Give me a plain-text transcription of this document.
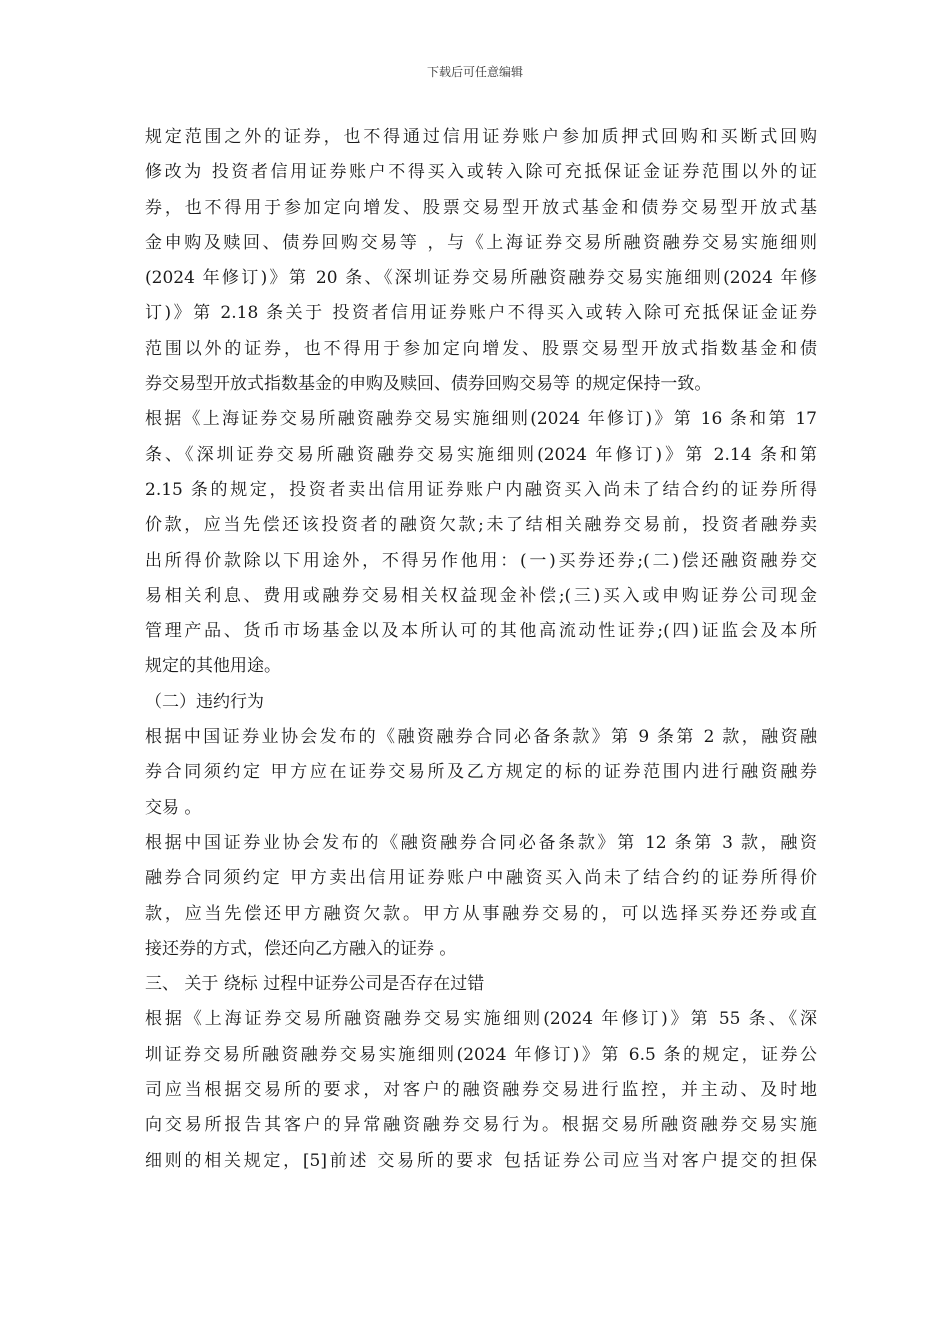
下载后可任意编辑
规定范围之外的证券，也不得通过信用证券账户参加质押式回购和买断式回购
修改为 投资者信用证券账户不得买入或转入除可充抵保证金证券范围以外的证
券，也不得用于参加定向增发、股票交易型开放式基金和债券交易型开放式基
金申购及赎回、债券回购交易等 ，与《上海证券交易所融资融券交易实施细则
(2024 年修订)》第 20 条、《深圳证券交易所融资融券交易实施细则(2024 年修
订)》第 2.18 条关于 投资者信用证券账户不得买入或转入除可充抵保证金证券
范围以外的证券，也不得用于参加定向增发、股票交易型开放式指数基金和债
券交易型开放式指数基金的申购及赎回、债券回购交易等 的规定保持一致。
根据《上海证券交易所融资融券交易实施细则(2024 年修订)》第 16 条和第 17
条、《深圳证券交易所融资融券交易实施细则(2024 年修订)》第 2.14 条和第
2.15 条的规定，投资者卖出信用证券账户内融资买入尚未了结合约的证券所得
价款，应当先偿还该投资者的融资欠款;未了结相关融券交易前，投资者融券卖
出所得价款除以下用途外，不得另作他用：(一)买券还券;(二)偿还融资融券交
易相关利息、费用或融券交易相关权益现金补偿;(三)买入或申购证券公司现金
管理产品、货币市场基金以及本所认可的其他高流动性证券;(四)证监会及本所
规定的其他用途。
（二）违约行为
根据中国证券业协会发布的《融资融券合同必备条款》第 9 条第 2 款，融资融
券合同须约定 甲方应在证券交易所及乙方规定的标的证券范围内进行融资融券
交易 。
根据中国证券业协会发布的《融资融券合同必备条款》第 12 条第 3 款，融资
融券合同须约定 甲方卖出信用证券账户中融资买入尚未了结合约的证券所得价
款，应当先偿还甲方融资欠款。甲方从事融券交易的，可以选择买券还券或直
接还券的方式，偿还向乙方融入的证券 。
三、 关于 绕标 过程中证券公司是否存在过错
根据《上海证券交易所融资融券交易实施细则(2024 年修订)》第 55 条、《深
圳证券交易所融资融券交易实施细则(2024 年修订)》第 6.5 条的规定，证券公
司应当根据交易所的要求，对客户的融资融券交易进行监控，并主动、及时地
向交易所报告其客户的异常融资融券交易行为。根据交易所融资融券交易实施
细则的相关规定，[5]前述 交易所的要求 包括证券公司应当对客户提交的担保
